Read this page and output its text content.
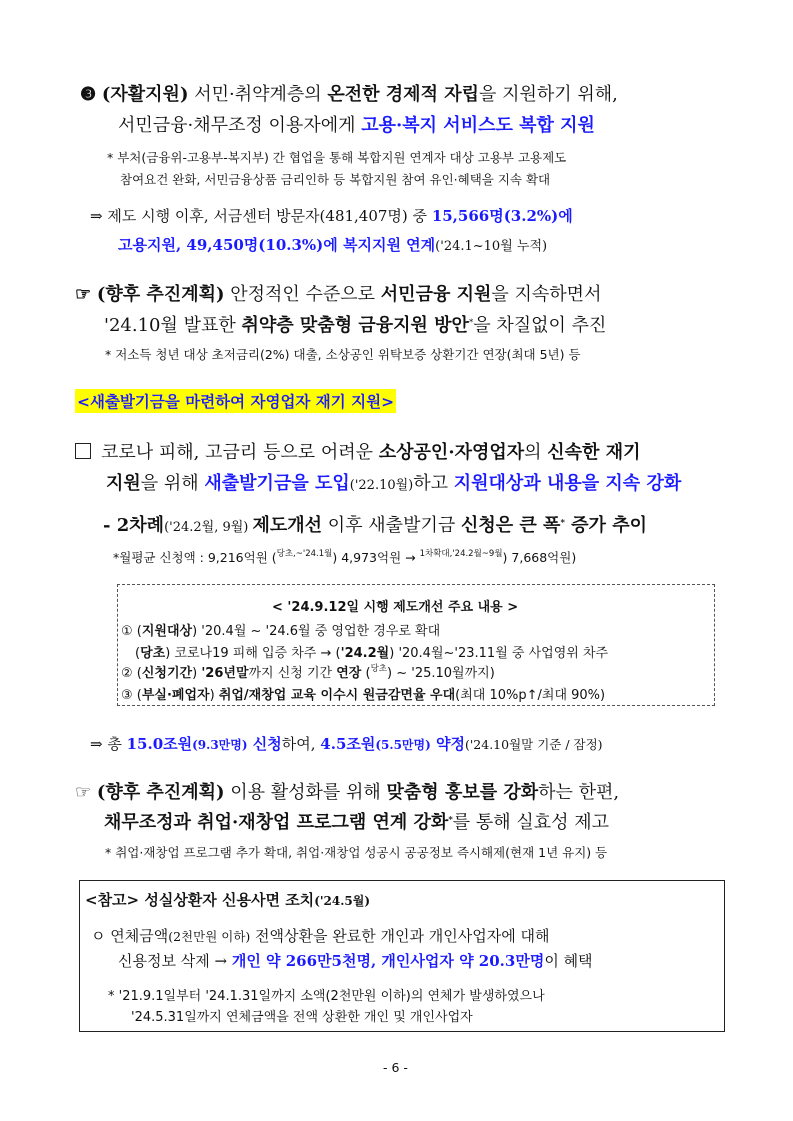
❸ (자활지원) 서민·취약계층의 온전한 경제적 자립을 지원하기 위해,
서민금융·채무조정 이용자에게 고용·복지 서비스도 복합 지원
* 부처(금융위-고용부-복지부) 간 협업을 통해 복합지원 연계자 대상 고용부 고용제도
참여요건 완화, 서민금융상품 금리인하 등 복합지원 참여 유인·혜택을 지속 확대
⇒ 제도 시행 이후, 서금센터 방문자(481,407명) 중 15,566명(3.2%)에
고용지원, 49,450명(10.3%)에 복지지원 연계('24.1~10월 누적)
☞ (향후 추진계획) 안정적인 수준으로 서민금융 지원을 지속하면서
'24.10월 발표한 취약층 맞춤형 금융지원 방안*을 차질없이 추진
* 저소득 청년 대상 초저금리(2%) 대출, 소상공인 위탁보증 상환기간 연장(최대 5년) 등
<새출발기금을 마련하여 자영업자 재기 지원>
코로나 피해, 고금리 등으로 어려운 소상공인·자영업자의 신속한 재기
지원을 위해 새출발기금을 도입('22.10월)하고 지원대상과 내용을 지속 강화
- 2차례('24.2월, 9월) 제도개선 이후 새출발기금 신청은 큰 폭* 증가 추이
*월평균 신청액 : 9,216억원 ($^{당초,\sim'24.1월}$) 4,973억원 → $^{1차확대,'24.2월\sim 9월}$) 7,668억원)
< '24.9.12일 시행 제도개선 주요 내용 >
① (지원대상) '20.4월 ~ '24.6월 중 영업한 경우로 확대
(당초) 코로나19 피해 입증 차주 → ('24.2월) '20.4월~'23.11월 중 사업영위 차주
② (신청기간) '26년말까지 신청 기간 연장 ($^{당초}$) ~ '25.10월까지)
③ (부실·폐업자) 취업/재창업 교육 이수시 원금감면율 우대(최대 10%p↑/최대 90%)
⇒ 총 15.0조원(9.3만명) 신청하여, 4.5조원(5.5만명) 약정('24.10월말 기준 / 잠정)
☞ (향후 추진계획) 이용 활성화를 위해 맞춤형 홍보를 강화하는 한편,
채무조정과 취업·재창업 프로그램 연계 강화*를 통해 실효성 제고
* 취업·재창업 프로그램 추가 확대, 취업·재창업 성공시 공공정보 즉시해제(현재 1년 유지) 등
<참고> 성실상환자 신용사면 조치('24.5월)
ㅇ 연체금액(2천만원 이하) 전액상환을 완료한 개인과 개인사업자에 대해
신용정보 삭제 → 개인 약 266만5천명, 개인사업자 약 20.3만명이 혜택
* '21.9.1일부터 '24.1.31일까지 소액(2천만원 이하)의 연체가 발생하였으나
'24.5.31일까지 연체금액을 전액 상환한 개인 및 개인사업자
- 6 -
